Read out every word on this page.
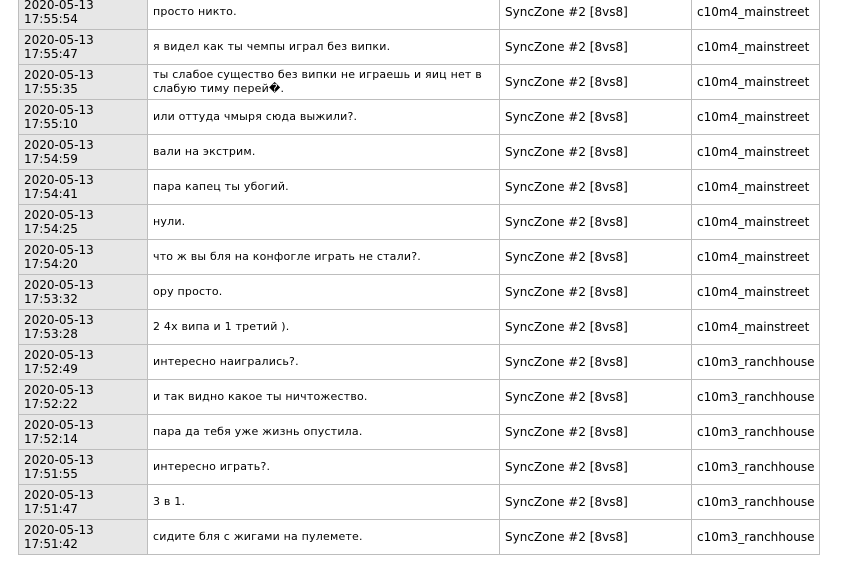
2020-05-13
17:55:54	просто никто.	SyncZone #2 [8vs8]	c10m4_mainstreet

2020-05-13
17:55:47	я видел как ты чемпы играл без випки.	SyncZone #2 [8vs8]	c10m4_mainstreet

2020-05-13
17:55:35	ты слабое существо без випки не играешь и яиц нет в слабую тиму перей�.	SyncZone #2 [8vs8]	c10m4_mainstreet

2020-05-13
17:55:10	или оттуда чмыря сюда выжили?.	SyncZone #2 [8vs8]	c10m4_mainstreet

2020-05-13
17:54:59	вали на экстрим.	SyncZone #2 [8vs8]	c10m4_mainstreet

2020-05-13
17:54:41	пара капец ты убогий.	SyncZone #2 [8vs8]	c10m4_mainstreet

2020-05-13
17:54:25	нули.	SyncZone #2 [8vs8]	c10m4_mainstreet

2020-05-13
17:54:20	что ж вы бля на конфогле играть не стали?.	SyncZone #2 [8vs8]	c10m4_mainstreet

2020-05-13
17:53:32	ору просто.	SyncZone #2 [8vs8]	c10m4_mainstreet

2020-05-13
17:53:28	2 4х випа и 1 третий ).	SyncZone #2 [8vs8]	c10m4_mainstreet

2020-05-13
17:52:49	интересно наигрались?.	SyncZone #2 [8vs8]	c10m3_ranchhouse

2020-05-13
17:52:22	и так видно какое ты ничтожество.	SyncZone #2 [8vs8]	c10m3_ranchhouse

2020-05-13
17:52:14	пара да тебя уже жизнь опустила.	SyncZone #2 [8vs8]	c10m3_ranchhouse

2020-05-13
17:51:55	интересно играть?.	SyncZone #2 [8vs8]	c10m3_ranchhouse

2020-05-13
17:51:47	3 в 1.	SyncZone #2 [8vs8]	c10m3_ranchhouse

2020-05-13
17:51:42	сидите бля с жигами на пулемете.	SyncZone #2 [8vs8]	c10m3_ranchhouse
